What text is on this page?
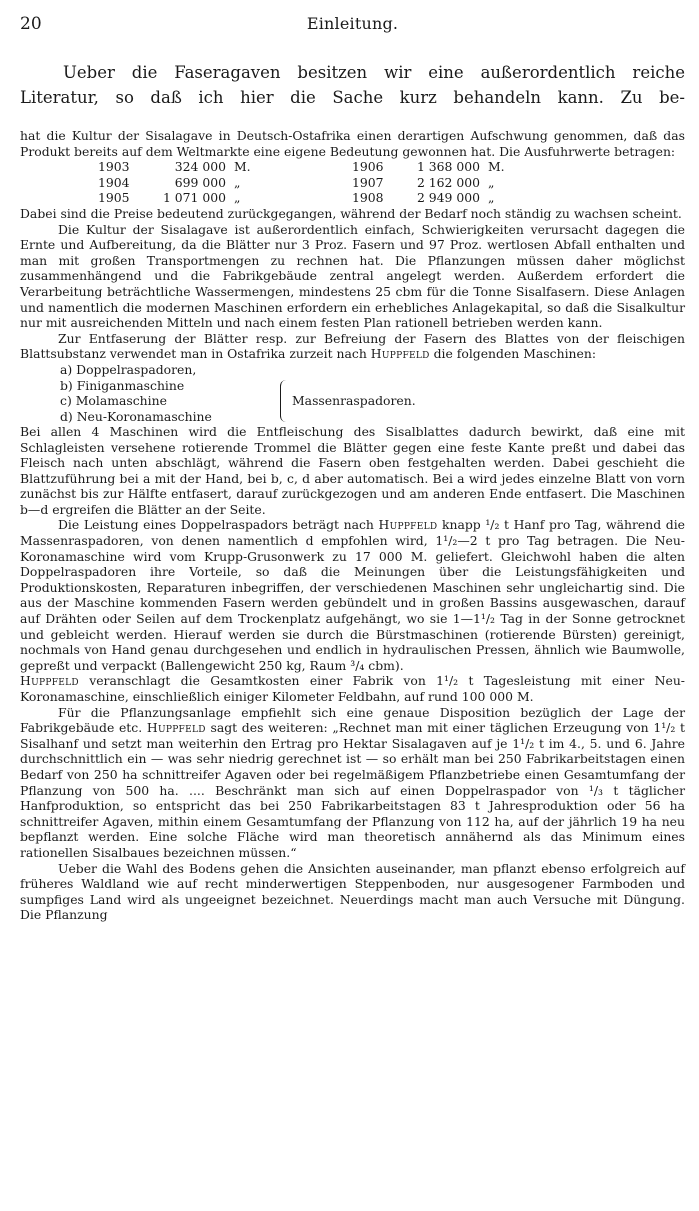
20	Einleitung.

Ueber die Faseragaven besitzen wir eine außerordentlich reiche Literatur, so daß ich hier die Sache kurz behandeln kann. Zu be-

hat die Kultur der Sisalagave in Deutsch-Ostafrika einen derartigen Aufschwung genommen, daß das Produkt bereits auf dem Weltmarkte eine eigene Bedeutung gewonnen hat. Die Ausfuhrwerte betragen:

1903	324 000	M.	1906	1 368 000	M.
1904	699 000	„	1907	2 162 000	„
1905	1 071 000	„	1908	2 949 000	„

Dabei sind die Preise bedeutend zurückgegangen, während der Bedarf noch ständig zu wachsen scheint.

Die Kultur der Sisalagave ist außerordentlich einfach, Schwierigkeiten verursacht dagegen die Ernte und Aufbereitung, da die Blätter nur 3 Proz. Fasern und 97 Proz. wertlosen Abfall enthalten und man mit großen Transportmengen zu rechnen hat. Die Pflanzungen müssen daher möglichst zusammenhängend und die Fabrikgebäude zentral angelegt werden. Außerdem erfordert die Verarbeitung beträchtliche Wassermengen, mindestens 25 cbm für die Tonne Sisalfasern. Diese Anlagen und namentlich die modernen Maschinen erfordern ein erhebliches Anlagekapital, so daß die Sisalkultur nur mit ausreichenden Mitteln und nach einem festen Plan rationell betrieben werden kann.

Zur Entfaserung der Blätter resp. zur Befreiung der Fasern des Blattes von der fleischigen Blattsubstanz verwendet man in Ostafrika zurzeit nach Huppfeld die folgenden Maschinen:

a) Doppelraspadoren,
b) Finiganmaschine
c) Molamaschine
d) Neu-Koronamaschine
Massenraspadoren.

Bei allen 4 Maschinen wird die Entfleischung des Sisalblattes dadurch bewirkt, daß eine mit Schlagleisten versehene rotierende Trommel die Blätter gegen eine feste Kante preßt und dabei das Fleisch nach unten abschlägt, während die Fasern oben festgehalten werden. Dabei geschieht die Blattzuführung bei a mit der Hand, bei b, c, d aber automatisch. Bei a wird jedes einzelne Blatt von vorn zunächst bis zur Hälfte entfasert, darauf zurückgezogen und am anderen Ende entfasert. Die Maschinen b—d ergreifen die Blätter an der Seite.

Die Leistung eines Doppelraspadors beträgt nach Huppfeld knapp ¹/₂ t Hanf pro Tag, während die Massenraspadoren, von denen namentlich d empfohlen wird, 1¹/₂—2 t pro Tag betragen. Die Neu-Koronamaschine wird vom Krupp-Grusonwerk zu 17 000 M. geliefert. Gleichwohl haben die alten Doppelraspadoren ihre Vorteile, so daß die Meinungen über die Leistungsfähigkeiten und Produktionskosten, Reparaturen inbegriffen, der verschiedenen Maschinen sehr ungleichartig sind. Die aus der Maschine kommenden Fasern werden gebündelt und in großen Bassins ausgewaschen, darauf auf Drähten oder Seilen auf dem Trockenplatz aufgehängt, wo sie 1—1¹/₂ Tag in der Sonne getrocknet und gebleicht werden. Hierauf werden sie durch die Bürstmaschinen (rotierende Bürsten) gereinigt, nochmals von Hand genau durchgesehen und endlich in hydraulischen Pressen, ähnlich wie Baumwolle, gepreßt und verpackt (Ballengewicht 250 kg, Raum ³/₄ cbm).

Huppfeld veranschlagt die Gesamtkosten einer Fabrik von 1¹/₂ t Tagesleistung mit einer Neu-Koronamaschine, einschließlich einiger Kilometer Feldbahn, auf rund 100 000 M.

Für die Pflanzungsanlage empfiehlt sich eine genaue Disposition bezüglich der Lage der Fabrikgebäude etc. Huppfeld sagt des weiteren: „Rechnet man mit einer täglichen Erzeugung von 1¹/₂ t Sisalhanf und setzt man weiterhin den Ertrag pro Hektar Sisalagaven auf je 1¹/₂ t im 4., 5. und 6. Jahre durchschnittlich ein — was sehr niedrig gerechnet ist — so erhält man bei 250 Fabrikarbeitstagen einen Bedarf von 250 ha schnittreifer Agaven oder bei regelmäßigem Pflanzbetriebe einen Gesamtumfang der Pflanzung von 500 ha. .... Beschränkt man sich auf einen Doppelraspador von ¹/₃ t täglicher Hanfproduktion, so entspricht das bei 250 Fabrikarbeitstagen 83 t Jahresproduktion oder 56 ha schnittreifer Agaven, mithin einem Gesamtumfang der Pflanzung von 112 ha, auf der jährlich 19 ha neu bepflanzt werden. Eine solche Fläche wird man theoretisch annähernd als das Minimum eines rationellen Sisalbaues bezeichnen müssen.“

Ueber die Wahl des Bodens gehen die Ansichten auseinander, man pflanzt ebenso erfolgreich auf früheres Waldland wie auf recht minderwertigen Steppenboden, nur ausgesogener Farmboden und sumpfiges Land wird als ungeeignet bezeichnet. Neuerdings macht man auch Versuche mit Düngung. Die Pflanzung
